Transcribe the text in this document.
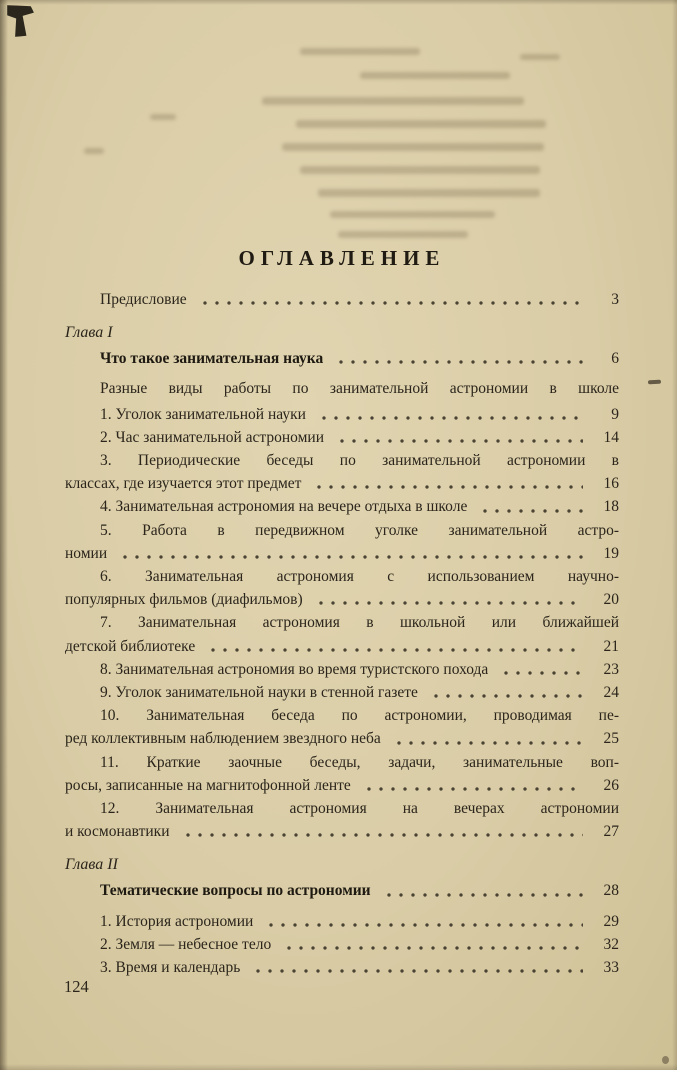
ОГЛАВЛЕНИЕ
Предисловие	3
Глава I
Что такое занимательная наука	6
Разные виды работы по занимательной астрономии в школе
1. Уголок занимательной науки	9
2. Час занимательной астрономии	14
3. Периодические беседы по занимательной астрономии в
классах, где изучается этот предмет	16
4. Занимательная астрономия на вечере отдыха в школе	18
5. Работа в передвижном уголке занимательной астро-
номии	19
6. Занимательная астрономия с использованием научно-
популярных фильмов (диафильмов)	20
7. Занимательная астрономия в школьной или ближайшей
детской библиотеке	21
8. Занимательная астрономия во время туристского похода	23
9. Уголок занимательной науки в стенной газете	24
10. Занимательная беседа по астрономии, проводимая пе-
ред коллективным наблюдением звездного неба	25
11. Краткие заочные беседы, задачи, занимательные воп-
росы, записанные на магнитофонной ленте	26
12. Занимательная астрономия на вечерах астрономии
и космонавтики	27
Глава II
Тематические вопросы по астрономии	28
1. История астрономии	29
2. Земля — небесное тело	32
3. Время и календарь	33
124
